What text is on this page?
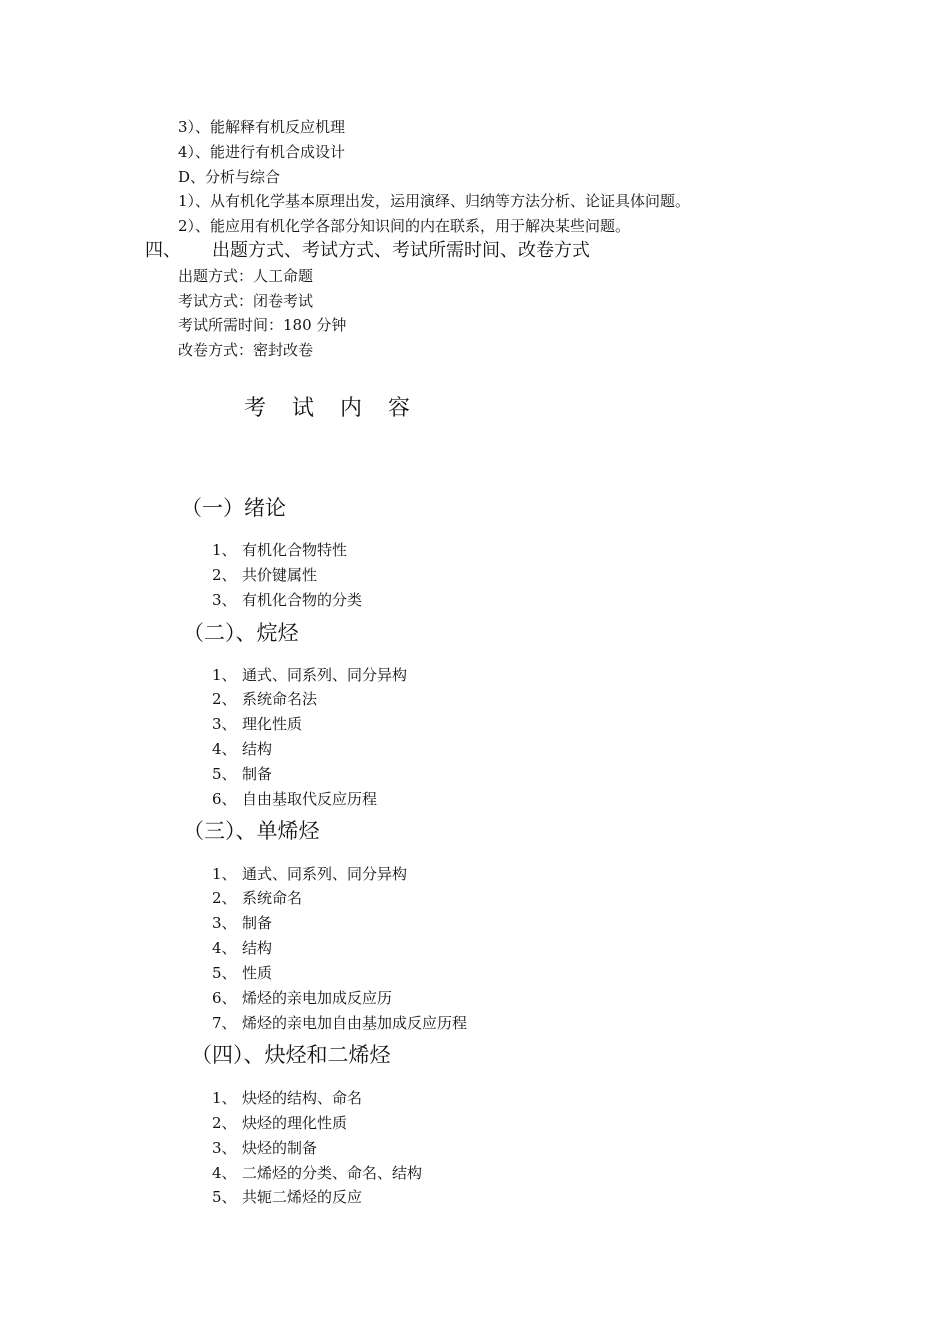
3）、能解释有机反应机理
4）、能进行有机合成设计
D、分析与综合
1）、从有机化学基本原理出发，运用演绎、归纳等方法分析、论证具体问题。
2）、能应用有机化学各部分知识间的内在联系，用于解决某些问题。
四、 出题方式、考试方式、考试所需时间、改卷方式
出题方式：人工命题
考试方式：闭卷考试
考试所需时间：180 分钟
改卷方式：密封改卷
考 试 内 容
（一）绪论
1、 有机化合物特性
2、 共价键属性
3、 有机化合物的分类
（二）、烷烃
1、 通式、同系列、同分异构
2、 系统命名法
3、 理化性质
4、 结构
5、 制备
6、 自由基取代反应历程
（三）、单烯烃
1、 通式、同系列、同分异构
2、 系统命名
3、 制备
4、 结构
5、 性质
6、 烯烃的亲电加成反应历
7、 烯烃的亲电加自由基加成反应历程
（四）、炔烃和二烯烃
1、 炔烃的结构、命名
2、 炔烃的理化性质
3、 炔烃的制备
4、 二烯烃的分类、命名、结构
5、 共轭二烯烃的反应
